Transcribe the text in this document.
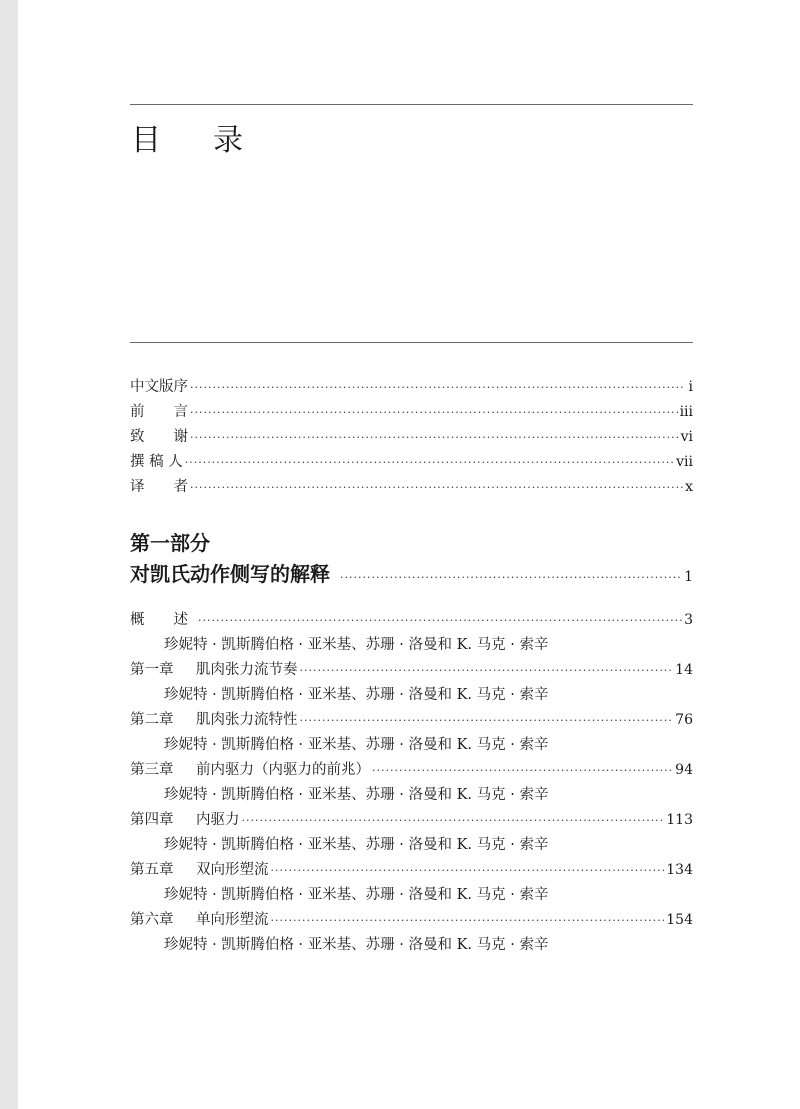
目 录
中文版序 ·····	i
前　　言 ·····	iii
致　　谢 ·····	vi
撰 稿 人 ·····	vii
译　　者 ·····	x
第一部分
对凯氏动作侧写的解释 ·····	1
概　　述 ·····	3
珍妮特 · 凯斯腾伯格 · 亚米基、苏珊 · 洛曼和 K. 马克 · 索辛
第一章 肌肉张力流节奏 ·····	14
珍妮特 · 凯斯腾伯格 · 亚米基、苏珊 · 洛曼和 K. 马克 · 索辛
第二章 肌肉张力流特性 ·····	76
珍妮特 · 凯斯腾伯格 · 亚米基、苏珊 · 洛曼和 K. 马克 · 索辛
第三章 前内驱力（内驱力的前兆） ·····	94
珍妮特 · 凯斯腾伯格 · 亚米基、苏珊 · 洛曼和 K. 马克 · 索辛
第四章 内驱力 ·····	113
珍妮特 · 凯斯腾伯格 · 亚米基、苏珊 · 洛曼和 K. 马克 · 索辛
第五章 双向形塑流 ·····	134
珍妮特 · 凯斯腾伯格 · 亚米基、苏珊 · 洛曼和 K. 马克 · 索辛
第六章 单向形塑流 ·····	154
珍妮特 · 凯斯腾伯格 · 亚米基、苏珊 · 洛曼和 K. 马克 · 索辛
